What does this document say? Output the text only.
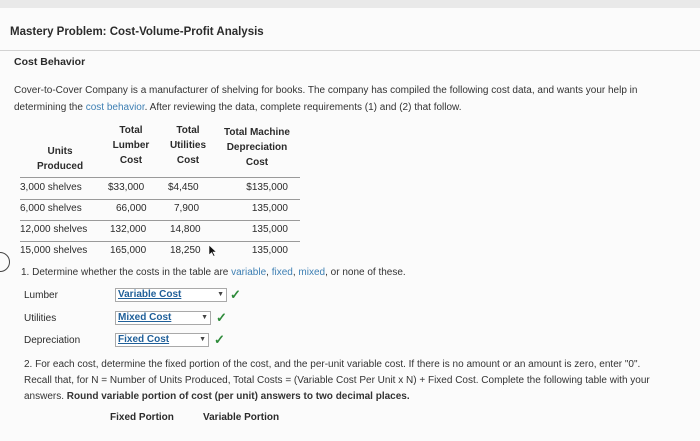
Mastery Problem: Cost-Volume-Profit Analysis
Cost Behavior
Cover-to-Cover Company is a manufacturer of shelving for books. The company has compiled the following cost data, and wants your help in
determining the cost behavior. After reviewing the data, complete requirements (1) and (2) that follow.
Units
Produced
Total
Lumber
Cost
Total
Utilities
Cost
Total Machine
Depreciation
Cost
3,000 shelves	$33,000 $4,450	$135,000
6,000 shelves	66,000	7,900	135,000
12,000 shelves 132,000 14,800	135,000
15,000 shelves 165,000 18,250	135,000
1. Determine whether the costs in the table are variable, fixed, mixed, or none of these.
Lumber	Variable Cost	▼ ✓
Utilities	Mixed Cost	▼ ✓
Depreciation	Fixed Cost	▼ ✓
2. For each cost, determine the fixed portion of the cost, and the per-unit variable cost. If there is no amount or an amount is zero, enter "0".
Recall that, for N = Number of Units Produced, Total Costs = (Variable Cost Per Unit x N) + Fixed Cost. Complete the following table with your
answers. Round variable portion of cost (per unit) answers to two decimal places.
Fixed Portion	Variable Portion
